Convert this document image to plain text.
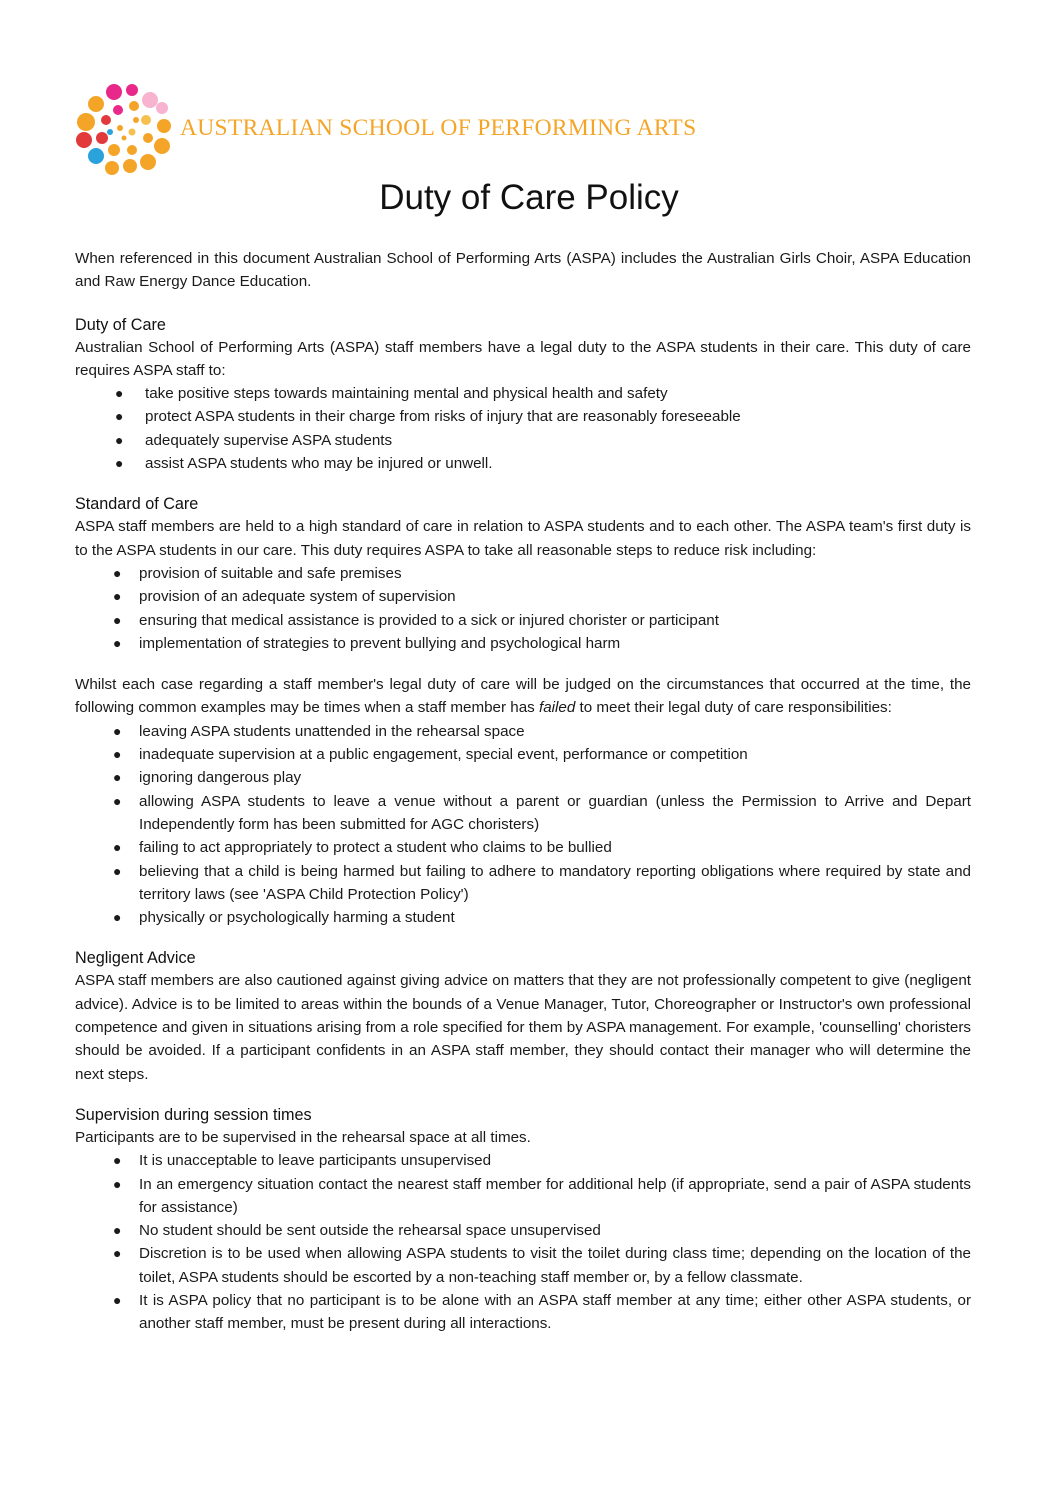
AUSTRALIAN SCHOOL OF PERFORMING ARTS
Duty of Care Policy

When referenced in this document Australian School of Performing Arts (ASPA) includes the Australian Girls Choir, ASPA Education and Raw Energy Dance Education.

Duty of Care

Australian School of Performing Arts (ASPA) staff members have a legal duty to the ASPA students in their care. This duty of care requires ASPA staff to:

● take positive steps towards maintaining mental and physical health and safety
● protect ASPA students in their charge from risks of injury that are reasonably foreseeable
● adequately supervise ASPA students
● assist ASPA students who may be injured or unwell.
Standard of Care

ASPA staff members are held to a high standard of care in relation to ASPA students and to each other. The ASPA team's first duty is to the ASPA students in our care. This duty requires ASPA to take all reasonable steps to reduce risk including:

● provision of suitable and safe premises
● provision of an adequate system of supervision
● ensuring that medical assistance is provided to a sick or injured chorister or participant
● implementation of strategies to prevent bullying and psychological harm

Whilst each case regarding a staff member's legal duty of care will be judged on the circumstances that occurred at the time, the following common examples may be times when a staff member has failed to meet their legal duty of care responsibilities:

● leaving ASPA students unattended in the rehearsal space
● inadequate supervision at a public engagement, special event, performance or competition
● ignoring dangerous play
● allowing ASPA students to leave a venue without a parent or guardian (unless the Permission to Arrive and Depart Independently form has been submitted for AGC choristers)
● failing to act appropriately to protect a student who claims to be bullied
● believing that a child is being harmed but failing to adhere to mandatory reporting obligations where required by state and territory laws (see 'ASPA Child Protection Policy')
● physically or psychologically harming a student
Negligent Advice

ASPA staff members are also cautioned against giving advice on matters that they are not professionally competent to give (negligent advice). Advice is to be limited to areas within the bounds of a Venue Manager, Tutor, Choreographer or Instructor's own professional competence and given in situations arising from a role specified for them by ASPA management. For example, 'counselling' choristers should be avoided. If a participant confidents in an ASPA staff member, they should contact their manager who will determine the next steps.

Supervision during session times

Participants are to be supervised in the rehearsal space at all times.

● It is unacceptable to leave participants unsupervised
● In an emergency situation contact the nearest staff member for additional help (if appropriate, send a pair of ASPA students for assistance)
● No student should be sent outside the rehearsal space unsupervised
● Discretion is to be used when allowing ASPA students to visit the toilet during class time; depending on the location of the toilet, ASPA students should be escorted by a non-teaching staff member or, by a fellow classmate.
● It is ASPA policy that no participant is to be alone with an ASPA staff member at any time; either other ASPA students, or another staff member, must be present during all interactions.
